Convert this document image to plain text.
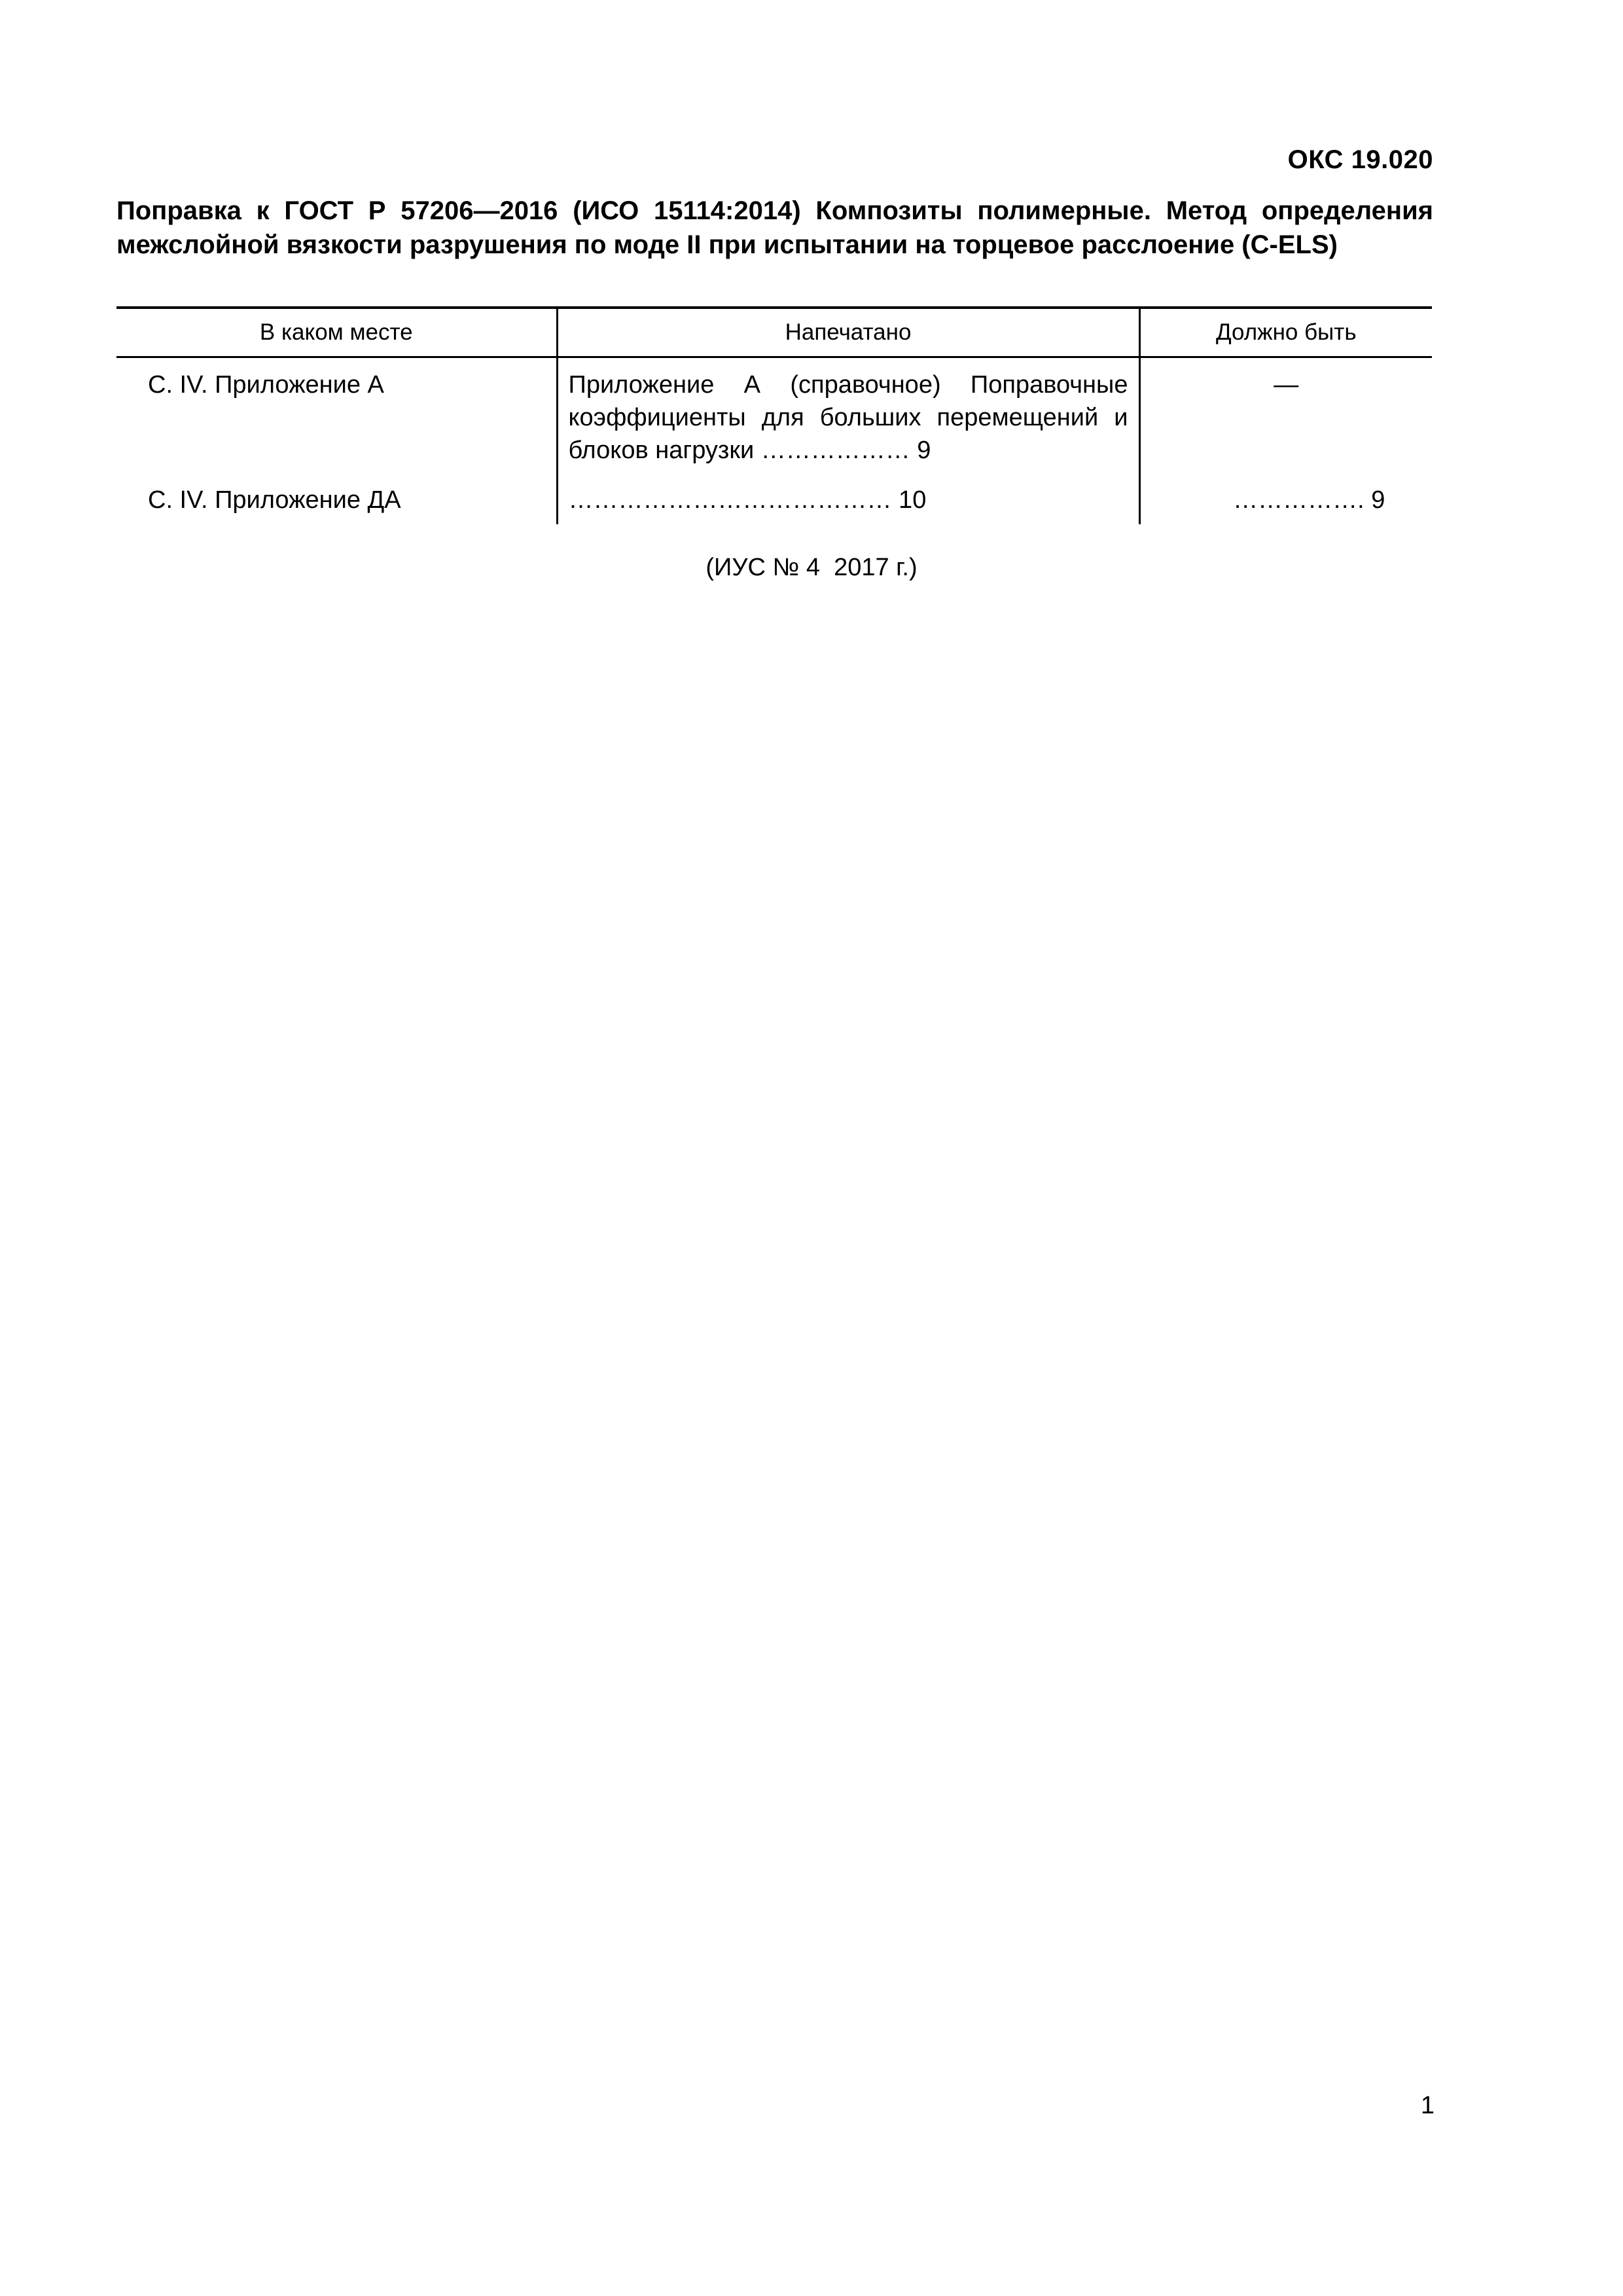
ОКС 19.020

Поправка к ГОСТ Р 57206—2016 (ИСО 15114:2014) Композиты полимерные. Метод определения межслойной вязкости разрушения по моде II при испытании на торцевое расслоение (C-ELS)

В каком месте	Напечатано	Должно быть
С. IV. Приложение А	Приложение А (справочное) Поправочные коэффициенты для больших перемещений и блоков нагрузки ……………… 9	—
С. IV. Приложение ДА	………………………………… 10	……………. 9
(ИУС № 4  2017 г.)
1
